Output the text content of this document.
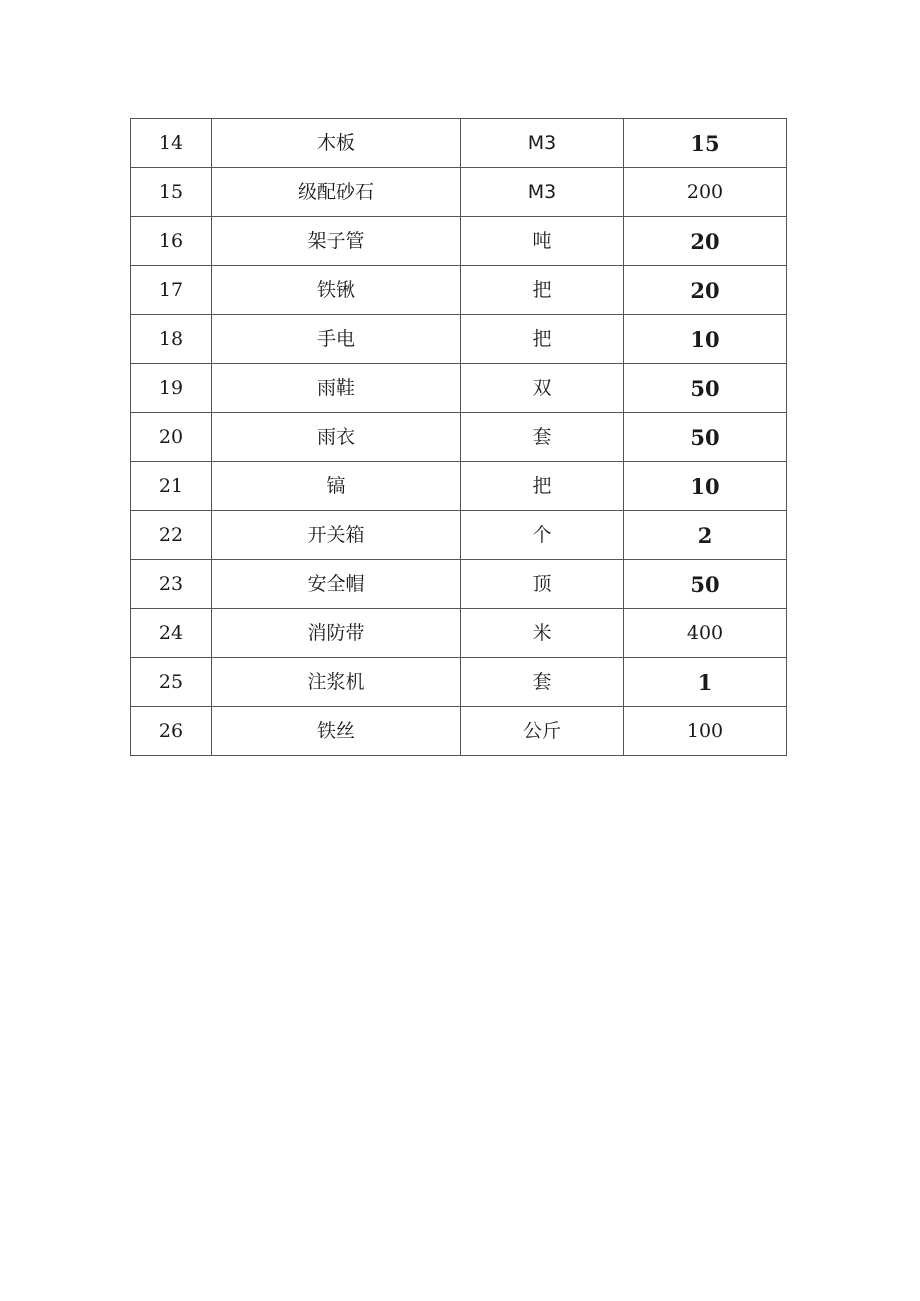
14	木板	M3	15
15	级配砂石	M3	200
16	架子管	吨	20
17	铁锹	把	20
18	手电	把	10
19	雨鞋	双	50
20	雨衣	套	50
21	镐	把	10
22	开关箱	个	2
23	安全帽	顶	50
24	消防带	米	400
25	注浆机	套	1
26	铁丝	公斤	100
